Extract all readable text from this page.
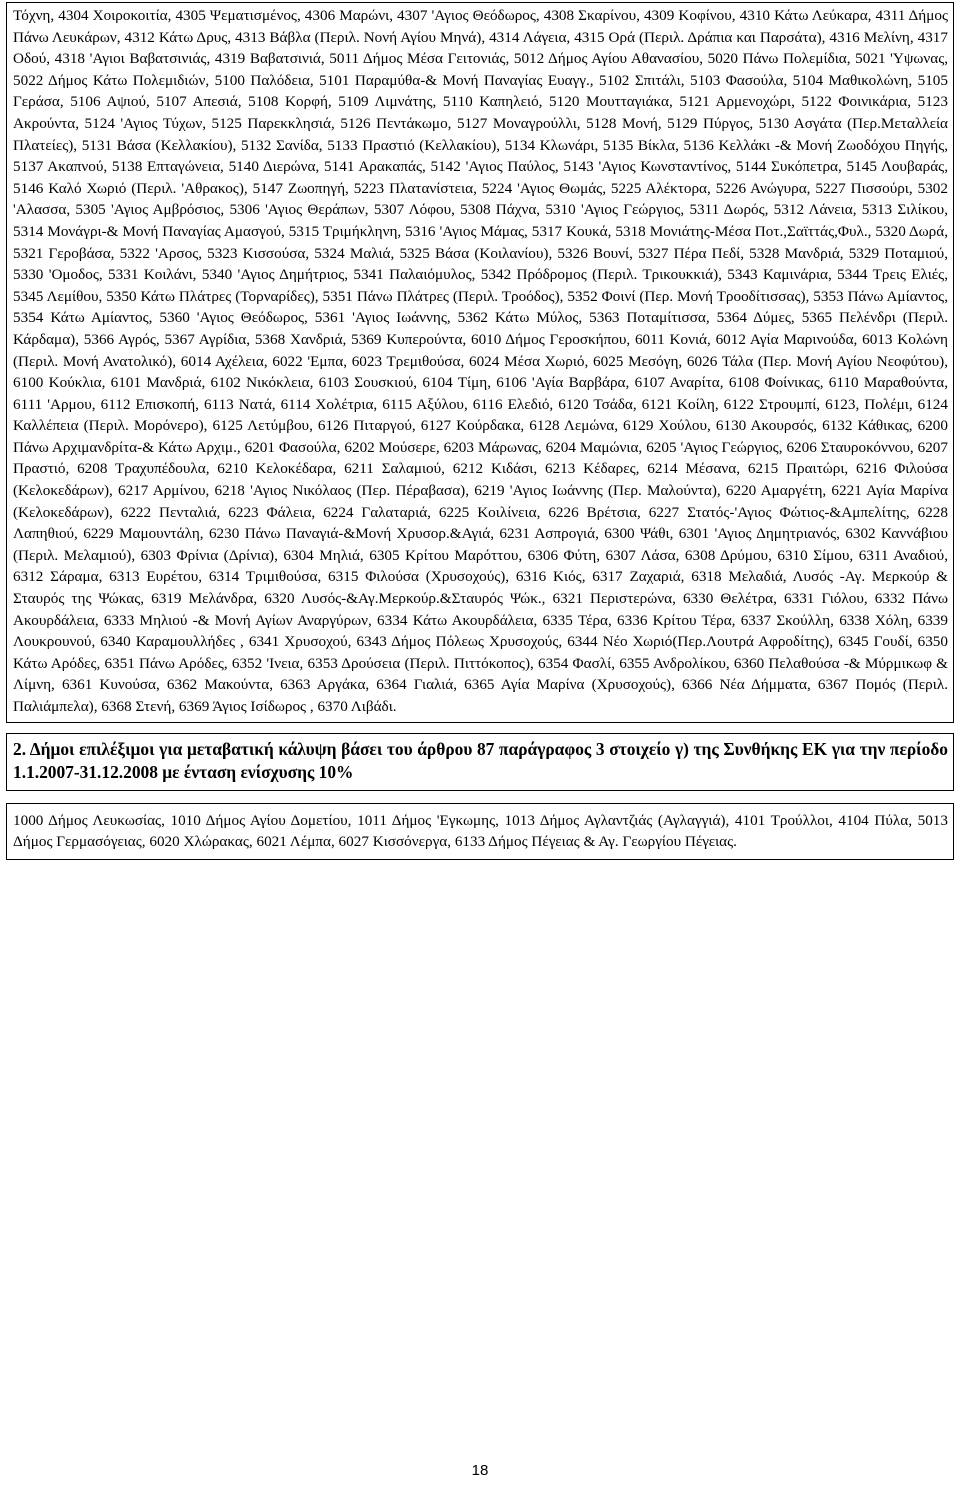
Τόχνη, 4304 Χοιροκοιτία, 4305 Ψεματισμένος, 4306 Μαρώνι, 4307 'Αγιος Θεόδωρος, 4308 Σκαρίνου, 4309 Κοφίνου, 4310 Κάτω Λεύκαρα, 4311 Δήμος Πάνω Λευκάρων, 4312 Κάτω Δρυς, 4313 Βάβλα (Περιλ. Νονή Αγίου Μηνά), 4314 Λάγεια, 4315 Ορά (Περιλ. Δράπια και Παρσάτα), 4316 Μελίνη, 4317 Οδού, 4318 'Αγιοι Βαβατσινιάς, 4319 Βαβατσινιά, 5011 Δήμος Μέσα Γειτονιάς, 5012 Δήμος Αγίου Αθανασίου, 5020 Πάνω Πολεμίδια, 5021 'Υψωνας, 5022 Δήμος Κάτω Πολεμιδιών, 5100 Παλόδεια, 5101 Παραμύθα-& Μονή Παναγίας Ευαγγ., 5102 Σπιτάλι, 5103 Φασούλα, 5104 Μαθικολώνη, 5105 Γεράσα, 5106 Αψιού, 5107 Απεσιά, 5108 Κορφή, 5109 Λιμνάτης, 5110 Καπηλειό, 5120 Μουτταγιάκα, 5121 Αρμενοχώρι, 5122 Φοινικάρια, 5123 Ακρούντα, 5124 'Αγιος Τύχων, 5125 Παρεκκλησιά, 5126 Πεντάκωμο, 5127 Μοναγρούλλι, 5128 Μονή, 5129 Πύργος, 5130 Ασγάτα (Περ.Μεταλλεία Πλατείες), 5131 Βάσα (Κελλακίου), 5132 Σανίδα, 5133 Πραστιό (Κελλακίου), 5134 Κλωνάρι, 5135 Βίκλα, 5136 Κελλάκι -& Μονή Ζωοδόχου Πηγής, 5137 Ακαπνού, 5138 Επταγώνεια, 5140 Διερώνα, 5141 Αρακαπάς, 5142 'Αγιος Παύλος, 5143 'Αγιος Κωνσταντίνος, 5144 Συκόπετρα, 5145 Λουβαράς, 5146 Καλό Χωριό (Περιλ. 'Αθρακος), 5147 Ζωοπηγή, 5223 Πλατανίστεια, 5224 'Αγιος Θωμάς, 5225 Αλέκτορα, 5226 Ανώγυρα, 5227 Πισσούρι, 5302 'Αλασσα, 5305 'Αγιος Αμβρόσιος, 5306 'Αγιος Θεράπων, 5307 Λόφου, 5308 Πάχνα, 5310 'Αγιος Γεώργιος, 5311 Δωρός, 5312 Λάνεια, 5313 Σιλίκου, 5314 Μονάγρι-& Μονή Παναγίας Αμασγού, 5315 Τριμήκληνη, 5316 'Αγιος Μάμας, 5317 Κουκά, 5318 Μονιάτης-Μέσα Ποτ.,Σαϊττάς,Φυλ., 5320 Δωρά, 5321 Γεροβάσα, 5322 'Αρσος, 5323 Κισσούσα, 5324 Μαλιά, 5325 Βάσα (Κοιλανίου), 5326 Βουνί, 5327 Πέρα Πεδί, 5328 Μανδριά, 5329 Ποταμιού, 5330 'Ομοδος, 5331 Κοιλάνι, 5340 'Αγιος Δημήτριος, 5341 Παλαιόμυλος, 5342 Πρόδρομος (Περιλ. Τρικουκκιά), 5343 Καμινάρια, 5344 Τρεις Ελιές, 5345 Λεμίθου, 5350 Κάτω Πλάτρες (Τορναρίδες), 5351 Πάνω Πλάτρες (Περιλ. Τροόδος), 5352 Φοινί (Περ. Μονή Τροοδίτισσας), 5353 Πάνω Αμίαντος, 5354 Κάτω Αμίαντος, 5360 'Αγιος Θεόδωρος, 5361 'Αγιος Ιωάννης, 5362 Κάτω Μύλος, 5363 Ποταμίτισσα, 5364 Δύμες, 5365 Πελένδρι (Περιλ. Κάρδαμα), 5366 Αγρός, 5367 Αγρίδια, 5368 Χανδριά, 5369 Κυπερούντα, 6010 Δήμος Γεροσκήπου, 6011 Κονιά, 6012 Αγία Μαρινούδα, 6013 Κολώνη (Περιλ. Μονή Ανατολικό), 6014 Αχέλεια, 6022 'Εμπα, 6023 Τρεμιθούσα, 6024 Μέσα Χωριό, 6025 Μεσόγη, 6026 Τάλα (Περ. Μονή Αγίου Νεοφύτου), 6100 Κούκλια, 6101 Μανδριά, 6102 Νικόκλεια, 6103 Σουσκιού, 6104 Τίμη, 6106 'Αγία Βαρβάρα, 6107 Αναρίτα, 6108 Φοίνικας, 6110 Μαραθούντα, 6111 'Αρμου, 6112 Επισκοπή, 6113 Νατά, 6114 Χολέτρια, 6115 Αξύλου, 6116 Ελεδιό, 6120 Τσάδα, 6121 Κοίλη, 6122 Στρουμπί, 6123, Πολέμι, 6124 Καλλέπεια (Περιλ. Μορόνερο), 6125 Λετύμβου, 6126 Πιταργού, 6127 Κούρδακα, 6128 Λεμώνα, 6129 Χούλου, 6130 Ακουρσός, 6132 Κάθικας, 6200 Πάνω Αρχιμανδρίτα-& Κάτω Αρχιμ., 6201 Φασούλα, 6202 Μούσερε, 6203 Μάρωνας, 6204 Μαμώνια, 6205 'Αγιος Γεώργιος, 6206 Σταυροκόννου, 6207 Πραστιό, 6208 Τραχυπέδουλα, 6210 Κελοκέδαρα, 6211 Σαλαμιού, 6212 Κιδάσι, 6213 Κέδαρες, 6214 Μέσανα, 6215 Πραιτώρι, 6216 Φιλούσα (Κελοκεδάρων), 6217 Αρμίνου, 6218 'Αγιος Νικόλαος (Περ. Πέραβασα), 6219 'Αγιος Ιωάννης (Περ. Μαλούντα), 6220 Αμαργέτη, 6221 Αγία Μαρίνα (Κελοκεδάρων), 6222 Πενταλιά, 6223 Φάλεια, 6224 Γαλαταριά, 6225 Κοιλίνεια, 6226 Βρέτσια, 6227 Στατός-'Αγιος Φώτιος-&Αμπελίτης, 6228 Λαπηθιού, 6229 Μαμουντάλη, 6230 Πάνω Παναγιά-&Μονή Χρυσορ.&Αγιά, 6231 Ασπρογιά, 6300 Ψάθι, 6301 'Αγιος Δημητριανός, 6302 Καννάβιου (Περιλ. Μελαμιού), 6303 Φρίνια (Δρίνια), 6304 Μηλιά, 6305 Κρίτου Μαρόττου, 6306 Φύτη, 6307 Λάσα, 6308 Δρύμου, 6310 Σίμου, 6311 Αναδιού, 6312 Σάραμα, 6313 Ευρέτου, 6314 Τριμιθούσα, 6315 Φιλούσα (Χρυσοχούς), 6316 Κιός, 6317 Ζαχαριά, 6318 Μελαδιά, Λυσός -Αγ. Μερκούρ & Σταυρός της Ψώκας, 6319 Μελάνδρα, 6320 Λυσός-&Αγ.Μερκούρ.&Σταυρός Ψώκ., 6321 Περιστερώνα, 6330 Θελέτρα, 6331 Γιόλου, 6332 Πάνω Ακουρδάλεια, 6333 Μηλιού -& Μονή Αγίων Αναργύρων, 6334 Κάτω Ακουρδάλεια, 6335 Τέρα, 6336 Κρίτου Τέρα, 6337 Σκούλλη, 6338 Χόλη, 6339 Λουκρουνού, 6340 Καραμουλλήδες , 6341 Χρυσοχού, 6343 Δήμος Πόλεως Χρυσοχούς, 6344 Νέο Χωριό(Περ.Λουτρά Αφροδίτης), 6345 Γουδί, 6350 Κάτω Αρόδες, 6351 Πάνω Αρόδες, 6352 'Ινεια, 6353 Δρούσεια (Περιλ. Πιττόκοπος), 6354 Φασλί, 6355 Ανδρολίκου, 6360 Πελαθούσα -& Μύρμικωφ & Λίμνη, 6361 Κυνούσα, 6362 Μακούντα, 6363 Αργάκα, 6364 Γιαλιά, 6365 Αγία Μαρίνα (Χρυσοχούς), 6366 Νέα Δήμματα, 6367 Πομός (Περιλ. Παλιάμπελα), 6368 Στενή, 6369 Άγιος Ισίδωρος , 6370 Λιβάδι.
2. Δήμοι επιλέξιμοι για μεταβατική κάλυψη βάσει του άρθρου 87 παράγραφος 3 στοιχείο γ) της Συνθήκης ΕΚ για την περίοδο 1.1.2007-31.12.2008 με ένταση ενίσχυσης 10%
1000 Δήμος Λευκωσίας, 1010 Δήμος Αγίου Δομετίου, 1011 Δήμος 'Εγκωμης, 1013 Δήμος Αγλαντζιάς (Αγλαγγιά), 4101 Τρούλλοι, 4104 Πύλα, 5013 Δήμος Γερμασόγειας, 6020 Χλώρακας, 6021 Λέμπα, 6027 Κισσόνεργα, 6133 Δήμος Πέγειας & Αγ. Γεωργίου Πέγειας.
18
